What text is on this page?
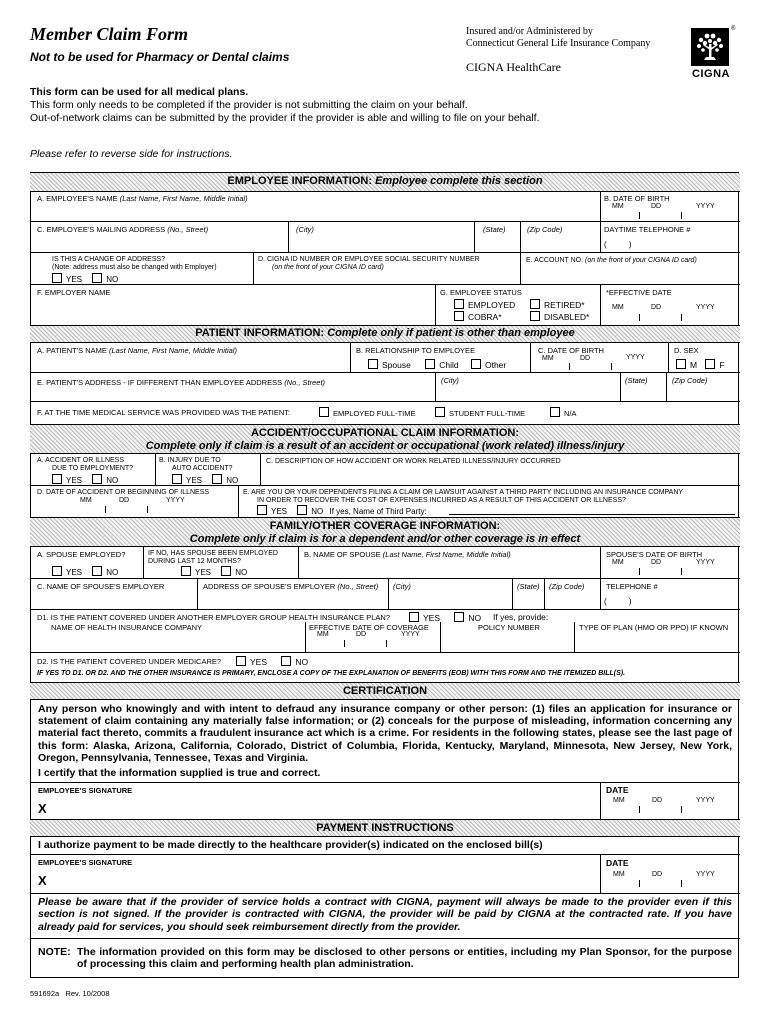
Member Claim Form
Not to be used for Pharmacy or Dental claims
Insured and/or Administered by
Connecticut General Life Insurance Company
CIGNA HealthCare
®
CIGNA
This form can be used for all medical plans.
This form only needs to be completed if the provider is not submitting the claim on your behalf.
Out-of-network claims can be submitted by the provider if the provider is able and willing to file on your behalf.
Please refer to reverse side for instructions.
EMPLOYEE INFORMATION: Employee complete this section
A. EMPLOYEE'S NAME (Last Name, First Name, Middle Initial)	B. DATE OF BIRTH
MM	DD	YYYY
C. EMPLOYEE'S MAILING ADDRESS (No., Street)	(City)	(State)	(Zip Code)	DAYTIME TELEPHONE #
(          )
IS THIS A CHANGE OF ADDRESS?
(Note: address must also be changed with Employer)
YES	NO
D. CIGNA ID NUMBER OR EMPLOYEE SOCIAL SECURITY NUMBER
(on the front of your CIGNA ID card)
E. ACCOUNT NO. (on the front of your CIGNA ID card)
F. EMPLOYER NAME	G. EMPLOYEE STATUS
EMPLOYED	RETIRED*
COBRA*	DISABLED*
*EFFECTIVE DATE
MM	DD	YYYY
PATIENT INFORMATION: Complete only if patient is other than employee
A. PATIENT'S NAME (Last Name, First Name, Middle Initial)	B. RELATIONSHIP TO EMPLOYEE
Spouse	Child	Other
C. DATE OF BIRTH
MM	DD	YYYY
D. SEX
M	F
E. PATIENT'S ADDRESS - IF DIFFERENT THAN EMPLOYEE ADDRESS (No., Street)	(City)	(State)	(Zip Code)
F. AT THE TIME MEDICAL SERVICE WAS PROVIDED WAS THE PATIENT:	EMPLOYED FULL-TIME	STUDENT FULL-TIME	N/A
ACCIDENT/OCCUPATIONAL CLAIM INFORMATION:
Complete only if claim is a result of an accident or occupational (work related) illness/injury
A. ACCIDENT OR ILLNESS
DUE TO EMPLOYMENT?
YES	NO
B. INJURY DUE TO
AUTO ACCIDENT?
YES	NO
C. DESCRIPTION OF HOW ACCIDENT OR WORK RELATED ILLNESS/INJURY OCCURRED
D. DATE OF ACCIDENT OR BEGINNING OF ILLNESS
MM	DD	YYYY
E. ARE YOU OR YOUR DEPENDENTS FILING A CLAIM OR LAWSUIT AGAINST A THIRD PARTY INCLUDING AN INSURANCE COMPANY
IN ORDER TO RECOVER THE COST OF EXPENSES INCURRED AS A RESULT OF THIS ACCIDENT OR ILLNESS?
YES	NO If yes, Name of Third Party:
FAMILY/OTHER COVERAGE INFORMATION:
Complete only if claim is for a dependent and/or other coverage is in effect
A. SPOUSE EMPLOYED?
YES	NO
IF NO, HAS SPOUSE BEEN EMPLOYED
DURING LAST 12 MONTHS?
YES	NO
B. NAME OF SPOUSE (Last Name, First Name, Middle Initial)	SPOUSE'S DATE OF BIRTH
MM	DD	YYYY
C. NAME OF SPOUSE'S EMPLOYER	ADDRESS OF SPOUSE'S EMPLOYER (No., Street) (City)	(State) (Zip Code)	TELEPHONE #
(          )
D1. IS THE PATIENT COVERED UNDER ANOTHER EMPLOYER GROUP HEALTH INSURANCE PLAN?	YES	NO If yes, provide:
NAME OF HEALTH INSURANCE COMPANY	EFFECTIVE DATE OF COVERAGE
MM	DD	YYYY
POLICY NUMBER	TYPE OF PLAN (HMO OR PPO) IF KNOWN
D2. IS THE PATIENT COVERED UNDER MEDICARE?	YES	NO
IF YES TO D1. OR D2. AND THE OTHER INSURANCE IS PRIMARY, ENCLOSE A COPY OF THE EXPLANATION OF BENEFITS (EOB) WITH THIS FORM AND THE ITEMIZED BILL(S).
CERTIFICATION
Any person who knowingly and with intent to defraud any insurance company or other person: (1) files an application for insurance or statement of claim containing any materially false information; or (2) conceals for the purpose of misleading, information concerning any material fact thereto, commits a fraudulent insurance act which is a crime. For residents in the following states, please see the last page of this form: Alaska, Arizona, California, Colorado, District of Columbia, Florida, Kentucky, Maryland, Minnesota, New Jersey, New York, Oregon, Pennsylvania, Tennessee, Texas and Virginia.
I certify that the information supplied is true and correct.
EMPLOYEE'S SIGNATURE
X
DATE
MM	DD	YYYY
PAYMENT INSTRUCTIONS
I authorize payment to be made directly to the healthcare provider(s) indicated on the enclosed bill(s)
EMPLOYEE'S SIGNATURE
X
DATE
MM	DD	YYYY
Please be aware that if the provider of service holds a contract with CIGNA, payment will always be made to the provider even if this section is not signed. If the provider is contracted with CIGNA, the provider will be paid by CIGNA at the contracted rate. If you have already paid for services, you should seek reimbursement directly from the provider.
NOTE: The information provided on this form may be disclosed to other persons or entities, including my Plan Sponsor, for the purpose of processing this claim and performing health plan administration.
591692a   Rev. 10/2008
